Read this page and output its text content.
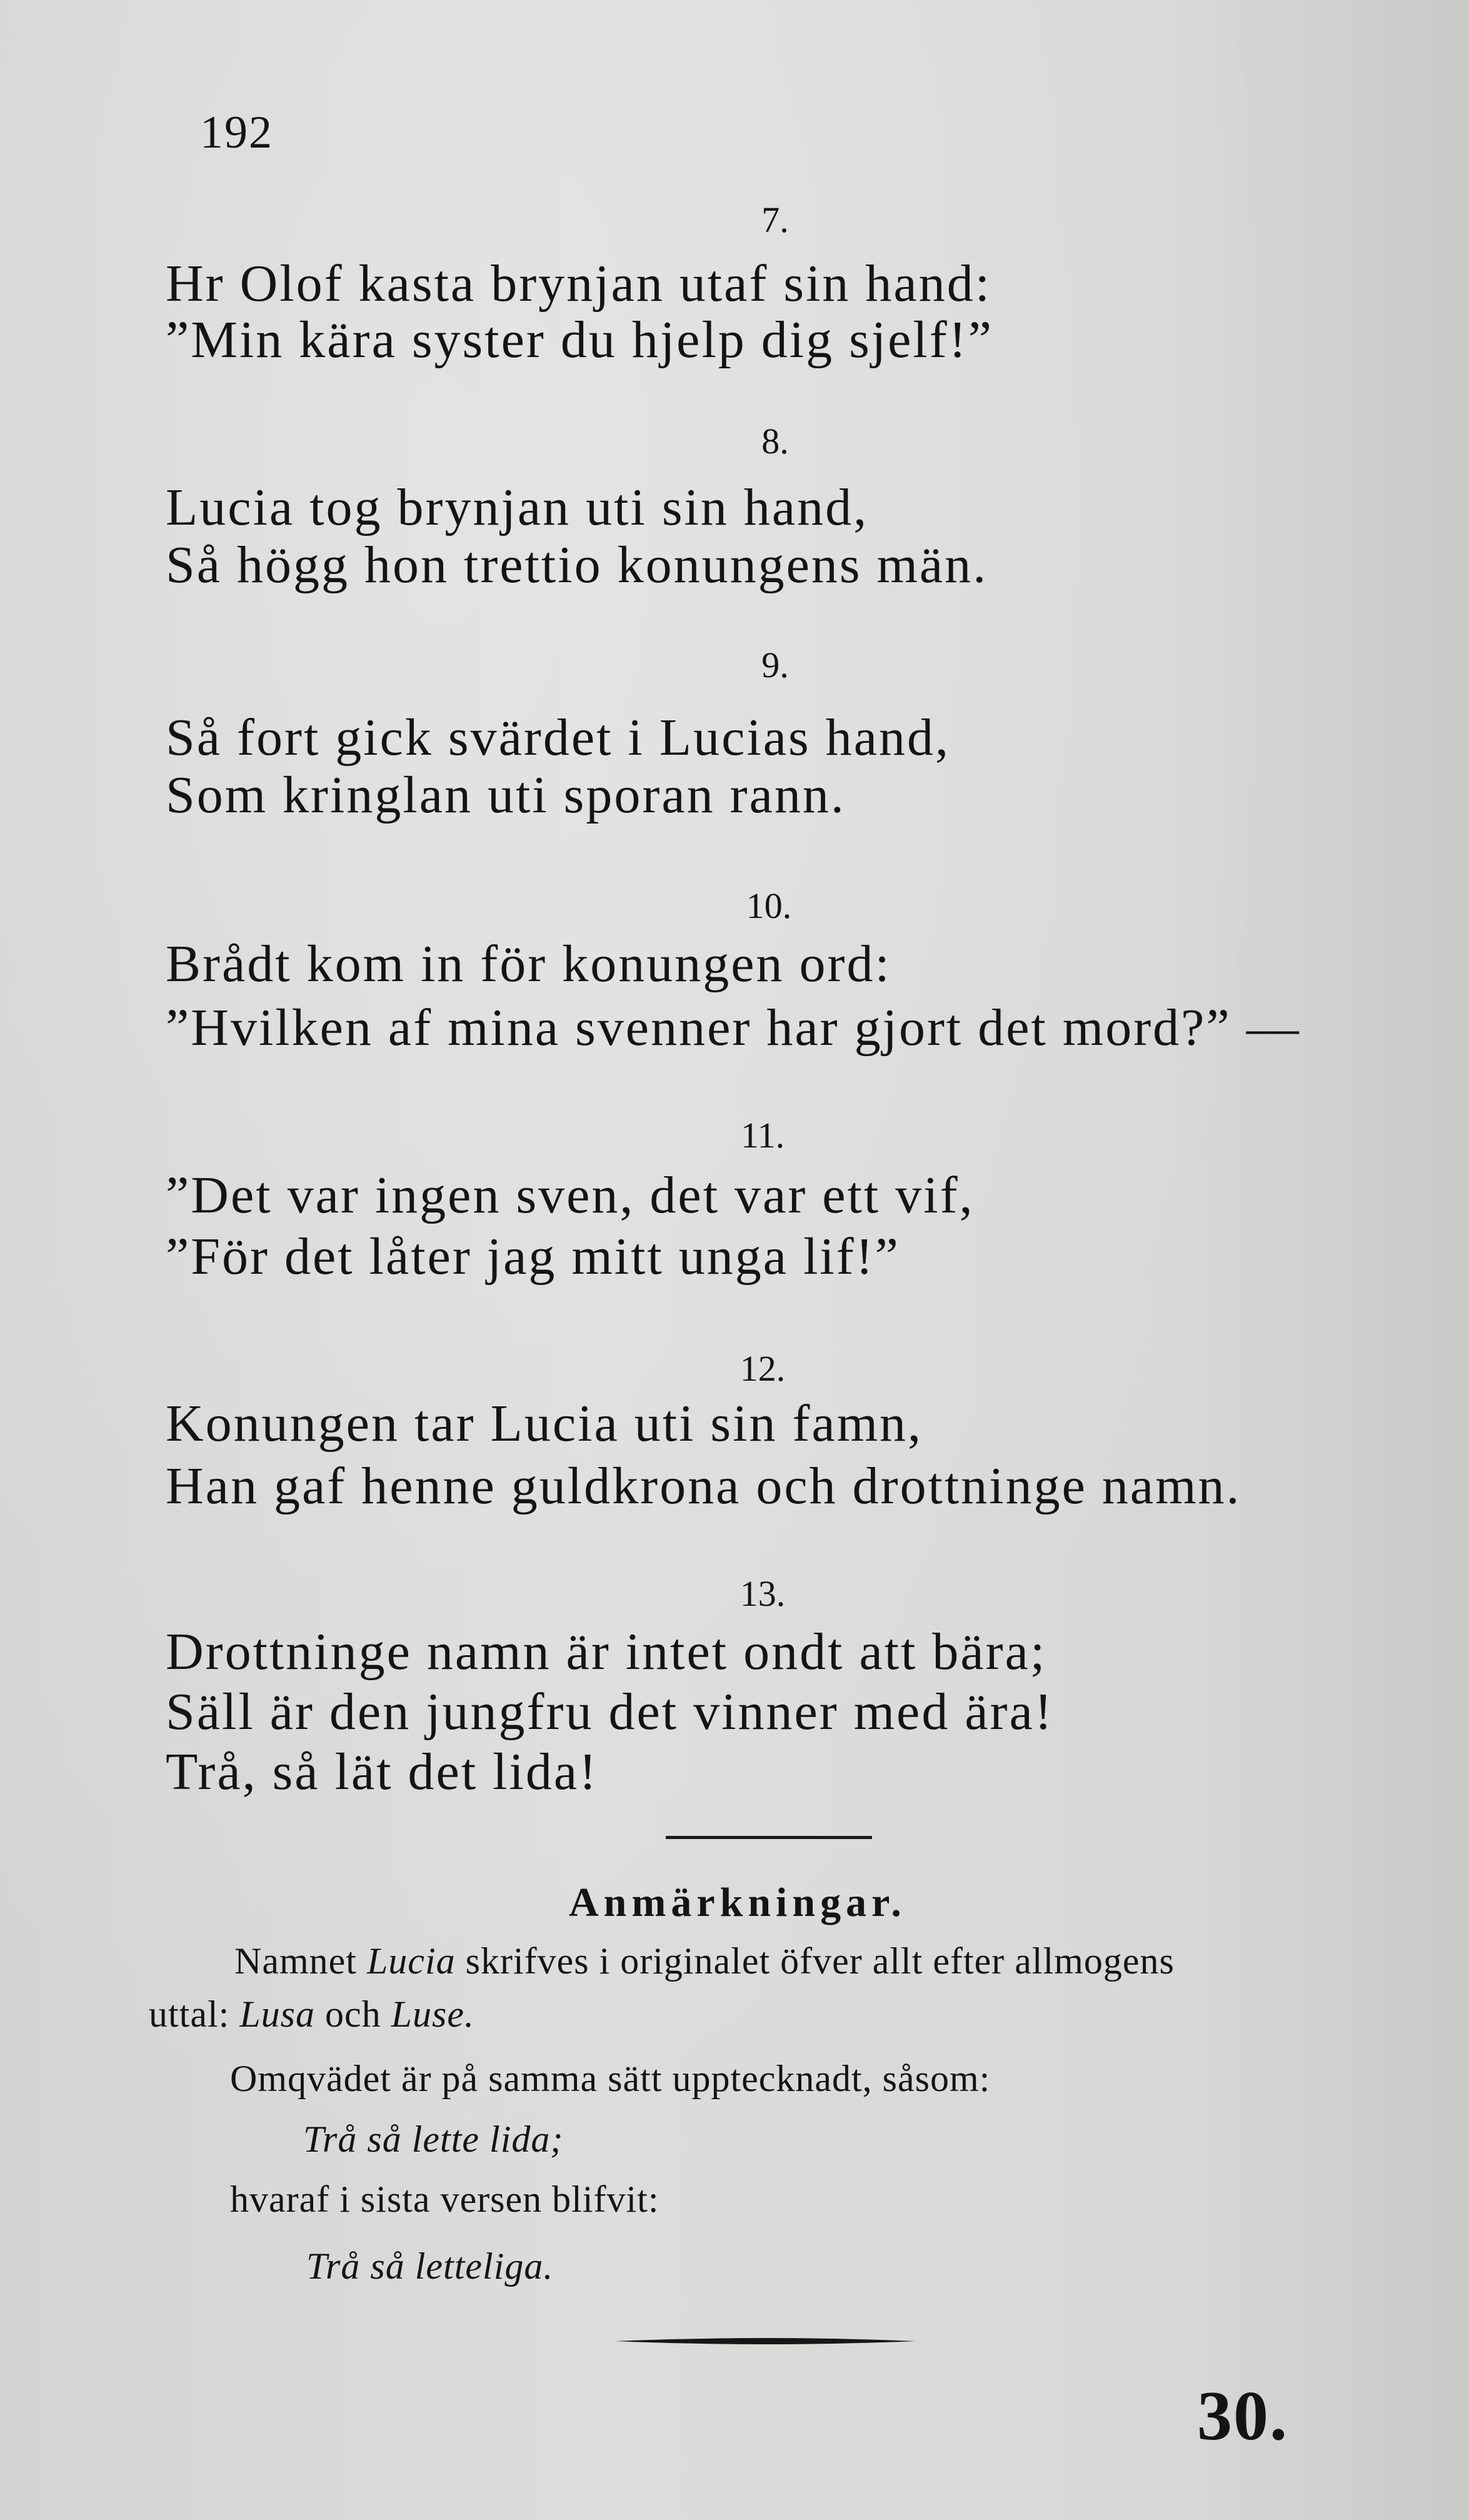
192
7.
Hr Olof kasta brynjan utaf sin hand:
”Min kära syster du hjelp dig sjelf!”
8.
Lucia tog brynjan uti sin hand,
Så högg hon trettio konungens män.
9.
Så fort gick svärdet i Lucias hand,
Som kringlan uti sporan rann.
10.
Brådt kom in för konungen ord:
”Hvilken af mina svenner har gjort det mord?” —
11.
”Det var ingen sven, det var ett vif,
”För det låter jag mitt unga lif!”
12.
Konungen tar Lucia uti sin famn,
Han gaf henne guldkrona och drottninge namn.
13.
Drottninge namn är intet ondt att bära;
Säll är den jungfru det vinner med ära!
Trå, så lät det lida!
Anmärkningar.
Namnet Lucia skrifves i originalet öfver allt efter allmogens
uttal: Lusa och Luse.
Omqvädet är på samma sätt upptecknadt, såsom:
Trå så lette lida;
hvaraf i sista versen blifvit:
Trå så letteliga.
30.
